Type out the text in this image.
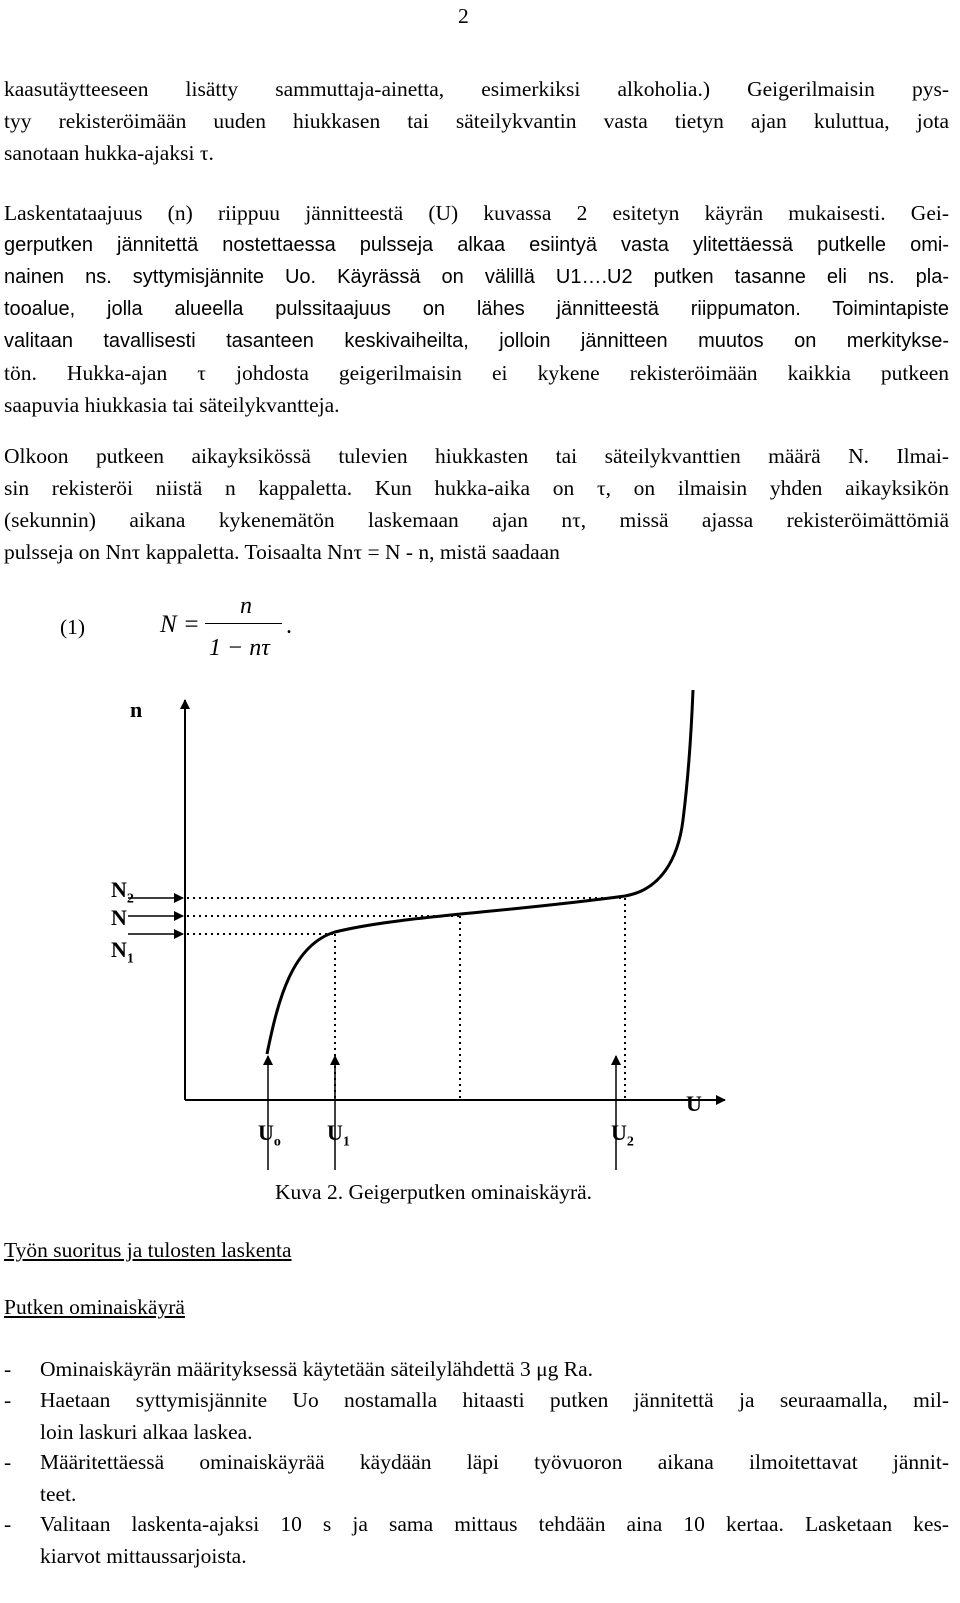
2
kaasutäytteeseen lisätty sammuttaja-ainetta, esimerkiksi alkoholia.) Geigerilmaisin pys-
tyy rekisteröimään uuden hiukkasen tai säteilykvantin vasta tietyn ajan kuluttua, jota
sanotaan hukka-ajaksi τ.
Laskentataajuus (n) riippuu jännitteestä (U) kuvassa 2 esitetyn käyrän mukaisesti. Gei-
gerputken jännitettä nostettaessa pulsseja alkaa esiintyä vasta ylitettäessä putkelle omi-
nainen ns. syttymisjännite Uo. Käyrässä on välillä U1….U2 putken tasanne eli ns. pla-
tooalue, jolla alueella pulssitaajuus on lähes jännitteestä riippumaton. Toimintapiste
valitaan tavallisesti tasanteen keskivaiheilta, jolloin jännitteen muutos on merkitykse-
tön. Hukka-ajan τ johdosta geigerilmaisin ei kykene rekisteröimään kaikkia putkeen
saapuvia hiukkasia tai säteilykvantteja.
Olkoon putkeen aikayksikössä tulevien hiukkasten tai säteilykvanttien määrä N. Ilmai-
sin rekisteröi niistä n kappaletta. Kun hukka-aika on τ, on ilmaisin yhden aikayksikön
(sekunnin) aikana kykenemätön laskemaan ajan nτ, missä ajassa rekisteröimättömiä
pulsseja on Nnτ kappaletta. Toisaalta Nnτ = N - n, mistä saadaan
(1)	N =
n
1 − nτ
.
n
U
$N_2$
N
$N_1$
$U_o$ $U_1$	$U_2$
Kuva 2. Geigerputken ominaiskäyrä.
Työn suoritus ja tulosten laskenta
Putken ominaiskäyrä
- Ominaiskäyrän määrityksessä käytetään säteilylähdettä 3 μg Ra.
- Haetaan syttymisjännite Uo nostamalla hitaasti putken jännitettä ja seuraamalla, mil-
loin laskuri alkaa laskea.
- Määritettäessä ominaiskäyrää käydään läpi työvuoron aikana ilmoitettavat jännit-
teet.
- Valitaan laskenta-ajaksi 10 s ja sama mittaus tehdään aina 10 kertaa. Lasketaan kes-
kiarvot mittaussarjoista.
